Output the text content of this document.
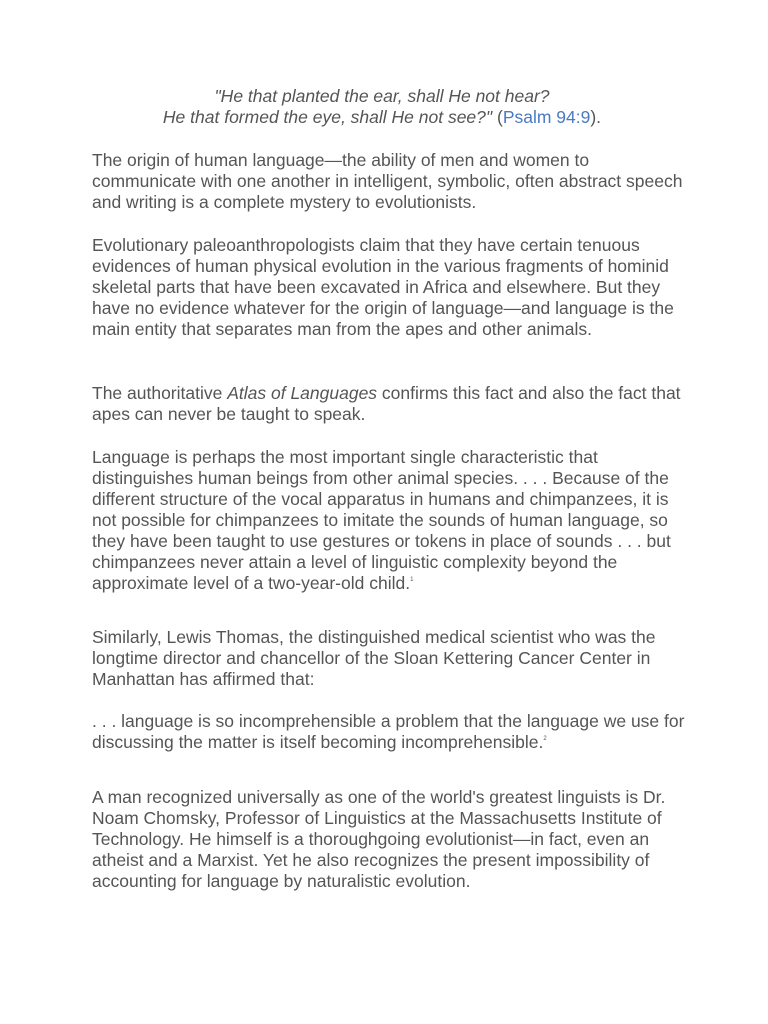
"He that planted the ear, shall He not hear?
He that formed the eye, shall He not see?" (Psalm 94:9).

The origin of human language—the ability of men and women to communicate with one another in intelligent, symbolic, often abstract speech and writing is a complete mystery to evolutionists.

Evolutionary paleoanthropologists claim that they have certain tenuous evidences of human physical evolution in the various fragments of hominid skeletal parts that have been excavated in Africa and elsewhere. But they have no evidence whatever for the origin of language—and language is the main entity that separates man from the apes and other animals.

The authoritative Atlas of Languages confirms this fact and also the fact that apes can never be taught to speak.

Language is perhaps the most important single characteristic that distinguishes human beings from other animal species. . . . Because of the different structure of the vocal apparatus in humans and chimpanzees, it is not possible for chimpanzees to imitate the sounds of human language, so they have been taught to use gestures or tokens in place of sounds . . . but chimpanzees never attain a level of linguistic complexity beyond the approximate level of a two-year-old child.$^1$

Similarly, Lewis Thomas, the distinguished medical scientist who was the longtime director and chancellor of the Sloan Kettering Cancer Center in Manhattan has affirmed that:

. . . language is so incomprehensible a problem that the language we use for discussing the matter is itself becoming incomprehensible.$^2$

A man recognized universally as one of the world's greatest linguists is Dr. Noam Chomsky, Professor of Linguistics at the Massachusetts Institute of Technology. He himself is a thoroughgoing evolutionist—in fact, even an atheist and a Marxist. Yet he also recognizes the present impossibility of accounting for language by naturalistic evolution.
